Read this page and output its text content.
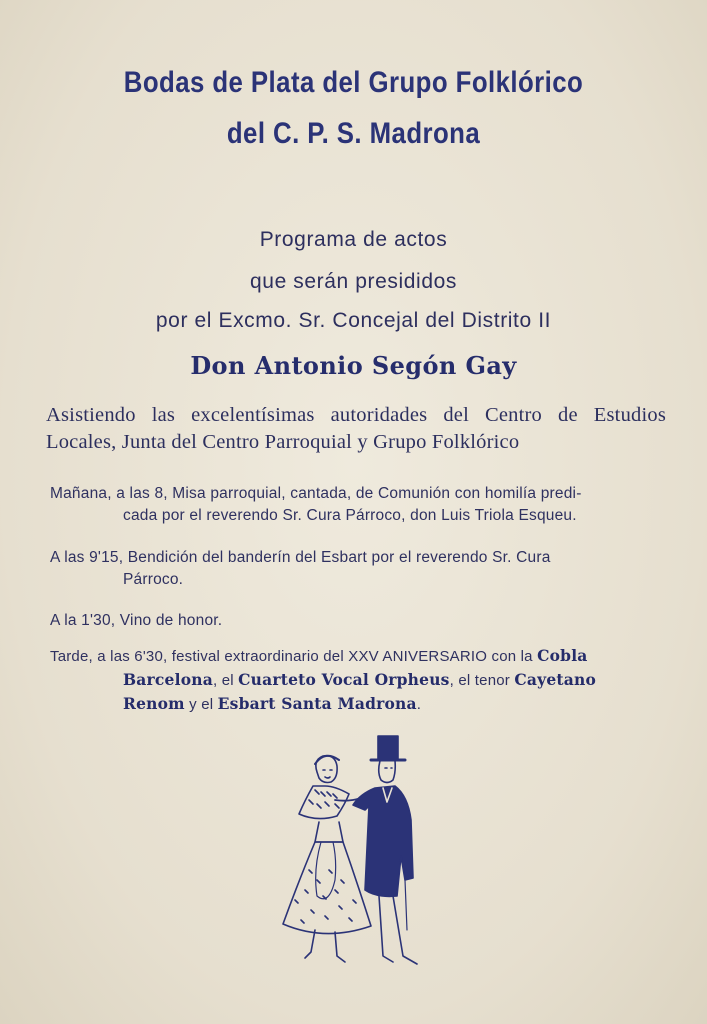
Bodas de Plata del Grupo Folklórico
del C. P. S. Madrona
Programa de actos
que serán presididos
por el Excmo. Sr. Concejal del Distrito II
Don Antonio Segón Gay
Asistiendo las excelentísimas autoridades del Centro de Estudios Locales, Junta del Centro Parroquial y Grupo Folklórico
Mañana, a las 8, Misa parroquial, cantada, de Comunión con homilía predi-
cada por el reverendo Sr. Cura Párroco, don Luis Triola Esqueu.
A las 9'15, Bendición del banderín del Esbart por el reverendo Sr. Cura
Párroco.
A la 1'30, Vino de honor.
Tarde, a las 6'30, festival extraordinario del XXV ANIVERSARIO con la Cobla
Barcelona, el Cuarteto Vocal Orpheus, el tenor Cayetano
Renom y el Esbart Santa Madrona.
